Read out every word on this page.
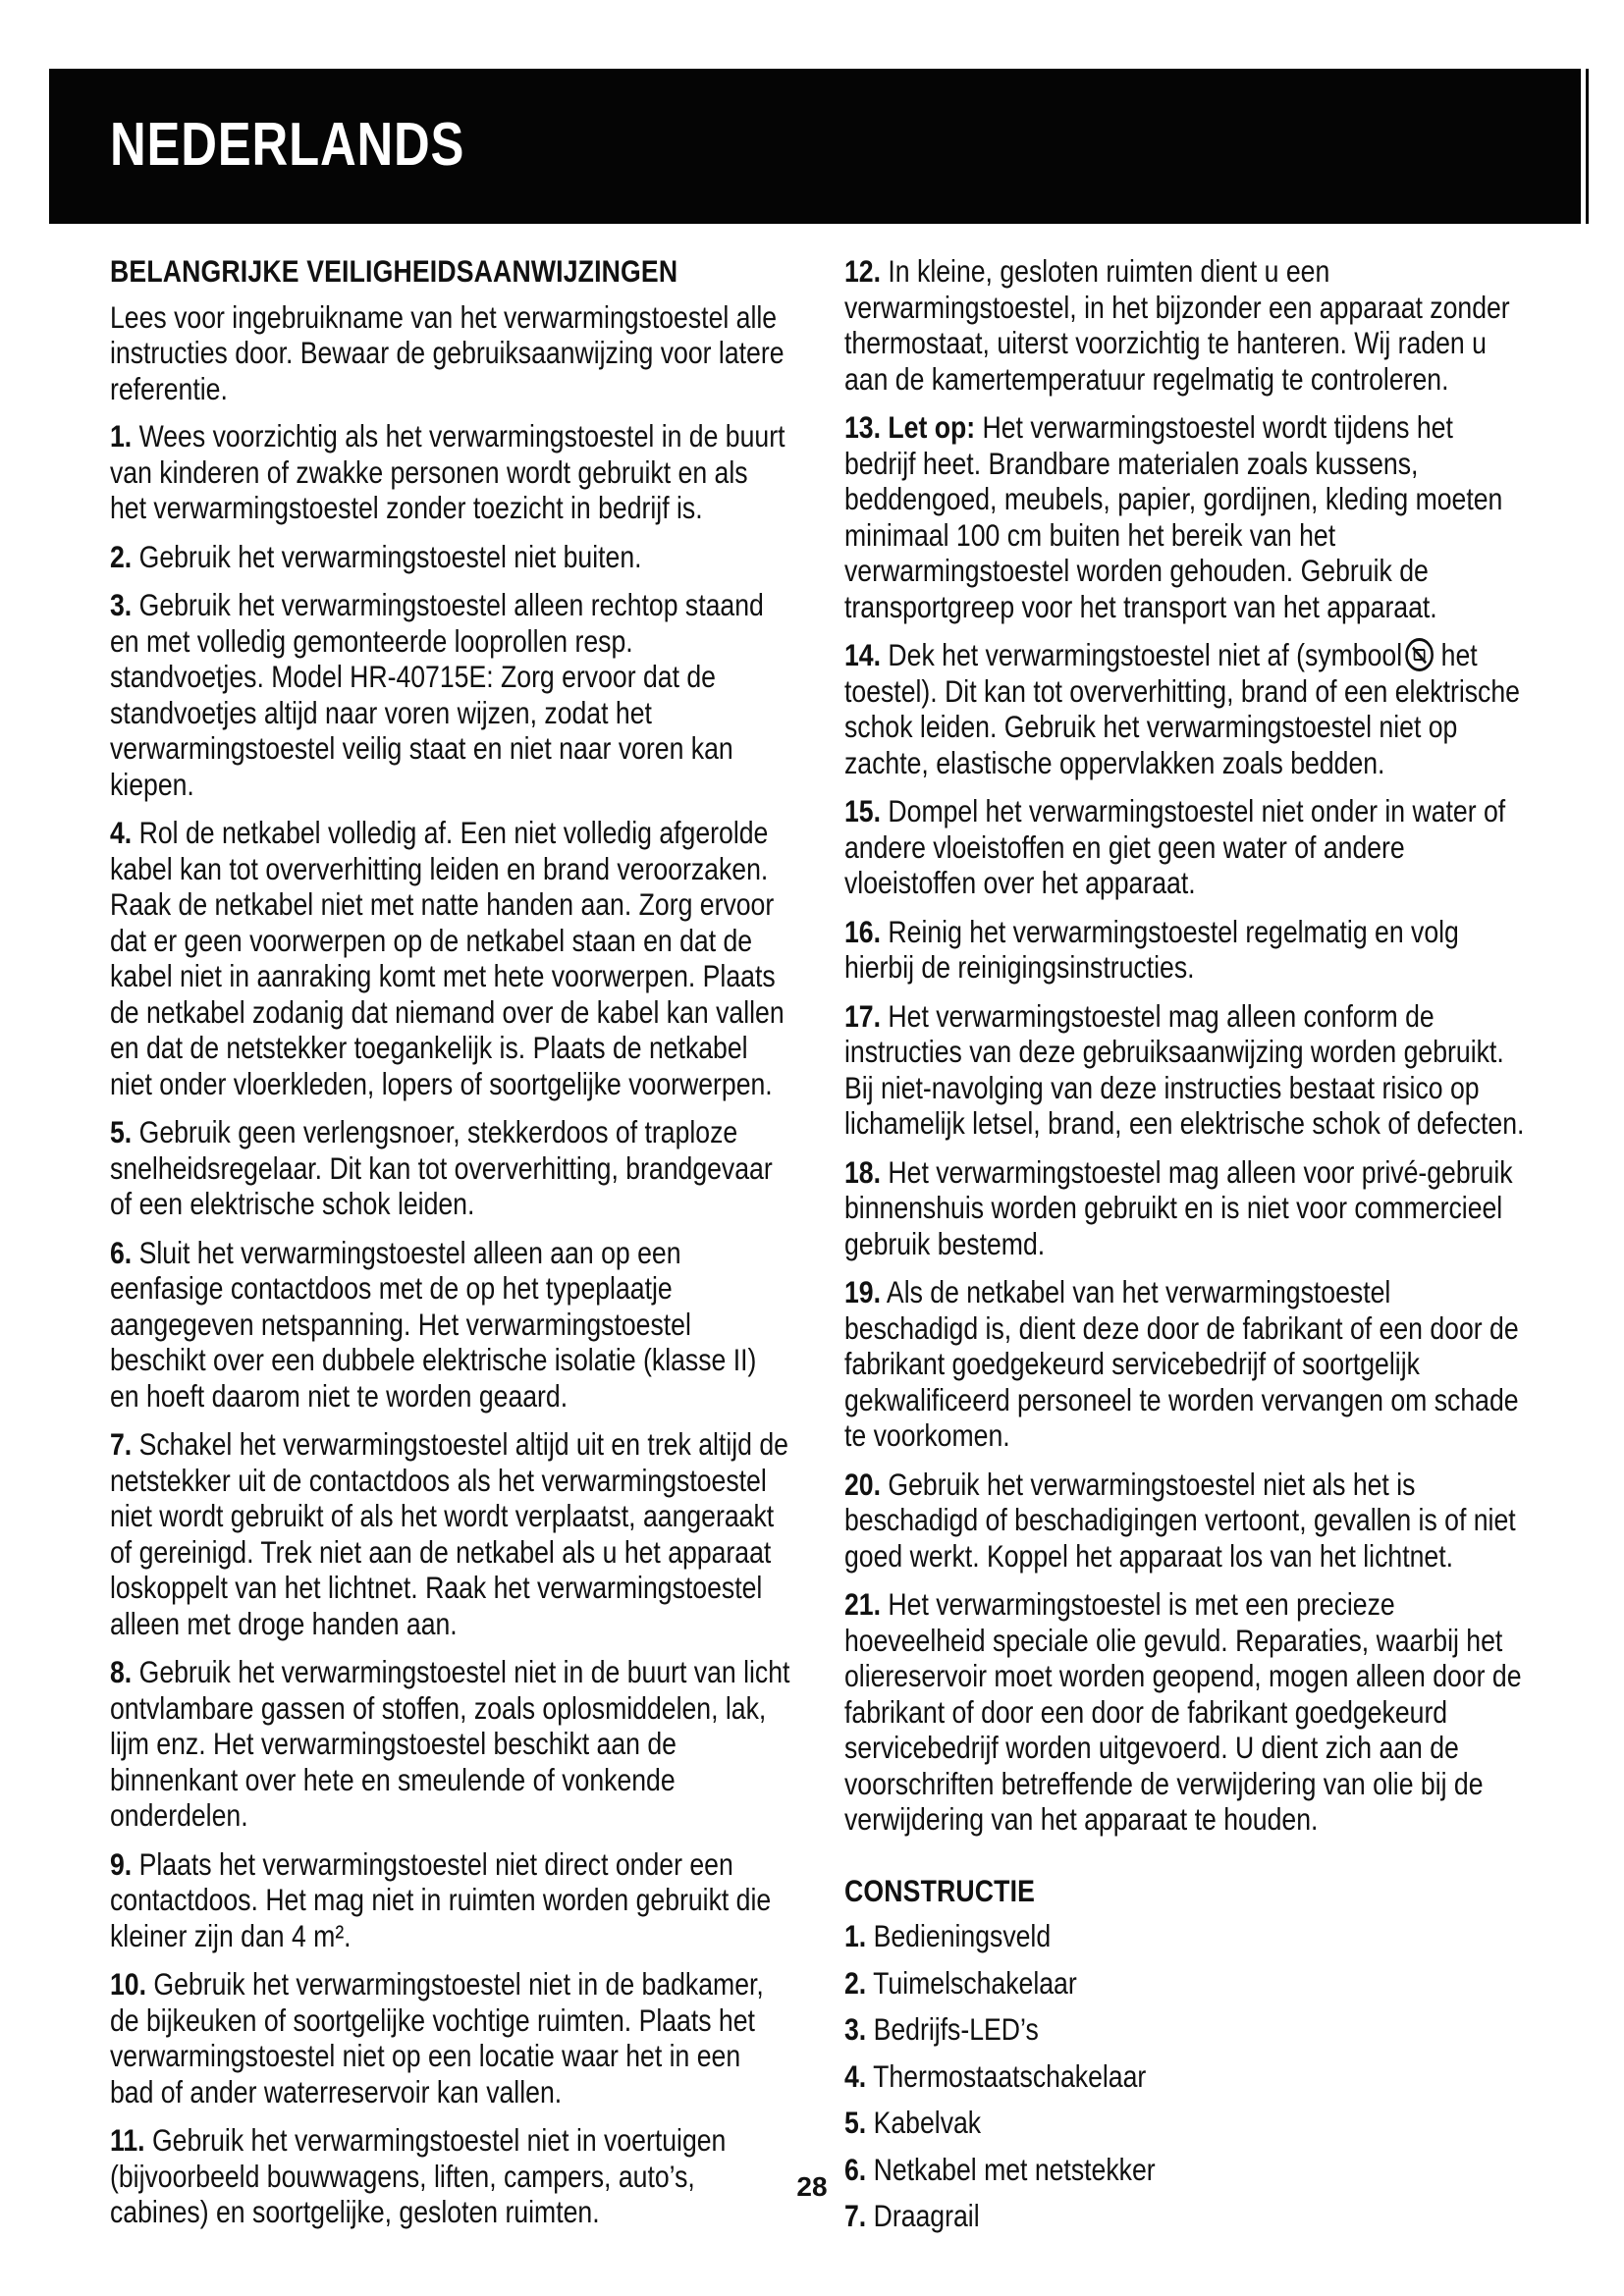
NEDERLANDS
BELANGRIJKE VEILIGHEIDSAANWIJZINGEN

Lees voor ingebruikname van het verwarmingstoestel alle instructies door. Bewaar de gebruiksaanwijzing voor latere referentie.

1. Wees voorzichtig als het verwarmingstoestel in de buurt van kinderen of zwakke personen wordt gebruikt en als het verwarmingstoestel zonder toezicht in bedrijf is.

2. Gebruik het verwarmingstoestel niet buiten.

3. Gebruik het verwarmingstoestel alleen rechtop staand en met volledig gemonteerde looprollen resp. standvoetjes. Model HR-40715E: Zorg ervoor dat de standvoetjes altijd naar voren wijzen, zodat het verwarmingstoestel veilig staat en niet naar voren kan kiepen.

4. Rol de netkabel volledig af. Een niet volledig afgerolde kabel kan tot oververhitting leiden en brand veroorzaken. Raak de netkabel niet met natte handen aan. Zorg ervoor dat er geen voorwerpen op de netkabel staan en dat de kabel niet in aanraking komt met hete voorwerpen. Plaats de netkabel zodanig dat niemand over de kabel kan vallen en dat de netstekker toegankelijk is. Plaats de netkabel niet onder vloerkleden, lopers of soortgelijke voorwerpen.

5. Gebruik geen verlengsnoer, stekkerdoos of traploze snelheidsregelaar. Dit kan tot oververhitting, brandgevaar of een elektrische schok leiden.

6. Sluit het verwarmingstoestel alleen aan op een eenfasige contactdoos met de op het typeplaatje aangegeven netspanning. Het verwarmingstoestel beschikt over een dubbele elektrische isolatie (klasse II) en hoeft daarom niet te worden geaard.

7. Schakel het verwarmingstoestel altijd uit en trek altijd de netstekker uit de contactdoos als het verwarmingstoestel niet wordt gebruikt of als het wordt verplaatst, aangeraakt of gereinigd. Trek niet aan de netkabel als u het apparaat loskoppelt van het lichtnet. Raak het verwarmingstoestel alleen met droge handen aan.

8. Gebruik het verwarmingstoestel niet in de buurt van licht ontvlambare gassen of stoffen, zoals oplosmiddelen, lak, lijm enz. Het verwarmingstoestel beschikt aan de binnenkant over hete en smeulende of vonkende onderdelen.

9. Plaats het verwarmingstoestel niet direct onder een contactdoos. Het mag niet in ruimten worden gebruikt die kleiner zijn dan 4 m².

10. Gebruik het verwarmingstoestel niet in de badkamer, de bijkeuken of soortgelijke vochtige ruimten. Plaats het verwarmingstoestel niet op een locatie waar het in een bad of ander waterreservoir kan vallen.

11. Gebruik het verwarmingstoestel niet in voertuigen (bijvoorbeeld bouwwagens, liften, campers, auto’s, cabines) en soortgelijke, gesloten ruimten.

12. In kleine, gesloten ruimten dient u een verwarmingstoestel, in het bijzonder een apparaat zonder thermostaat, uiterst voorzichtig te hanteren. Wij raden u aan de kamertemperatuur regelmatig te controleren.

13. Let op: Het verwarmingstoestel wordt tijdens het bedrijf heet. Brandbare materialen zoals kussens, beddengoed, meubels, papier, gordijnen, kleding moeten minimaal 100 cm buiten het bereik van het verwarmingstoestel worden gehouden. Gebruik de transportgreep voor het transport van het apparaat.

14. Dek het verwarmingstoestel niet af (symbool het toestel). Dit kan tot oververhitting, brand of een elektrische schok leiden. Gebruik het verwarmingstoestel niet op zachte, elastische oppervlakken zoals bedden.

15. Dompel het verwarmingstoestel niet onder in water of andere vloeistoffen en giet geen water of andere vloeistoffen over het apparaat.

16. Reinig het verwarmingstoestel regelmatig en volg hierbij de reinigingsinstructies.

17. Het verwarmingstoestel mag alleen conform de instructies van deze gebruiksaanwijzing worden gebruikt. Bij niet-navolging van deze instructies bestaat risico op lichamelijk letsel, brand, een elektrische schok of defecten.

18. Het verwarmingstoestel mag alleen voor privé-gebruik binnenshuis worden gebruikt en is niet voor commercieel gebruik bestemd.

19. Als de netkabel van het verwarmingstoestel beschadigd is, dient deze door de fabrikant of een door de fabrikant goedgekeurd servicebedrijf of soortgelijk gekwalificeerd personeel te worden vervangen om schade te voorkomen.

20. Gebruik het verwarmingstoestel niet als het is beschadigd of beschadigingen vertoont, gevallen is of niet goed werkt. Koppel het apparaat los van het lichtnet.

21. Het verwarmingstoestel is met een precieze hoeveelheid speciale olie gevuld. Reparaties, waarbij het oliereservoir moet worden geopend, mogen alleen door de fabrikant of door een door de fabrikant goedgekeurd servicebedrijf worden uitgevoerd. U dient zich aan de voorschriften betreffende de verwijdering van olie bij de verwijdering van het apparaat te houden.

CONSTRUCTIE

1. Bedieningsveld

2. Tuimelschakelaar

3. Bedrijfs-LED’s

4. Thermostaatschakelaar

5. Kabelvak

6. Netkabel met netstekker

7. Draagrail

28
